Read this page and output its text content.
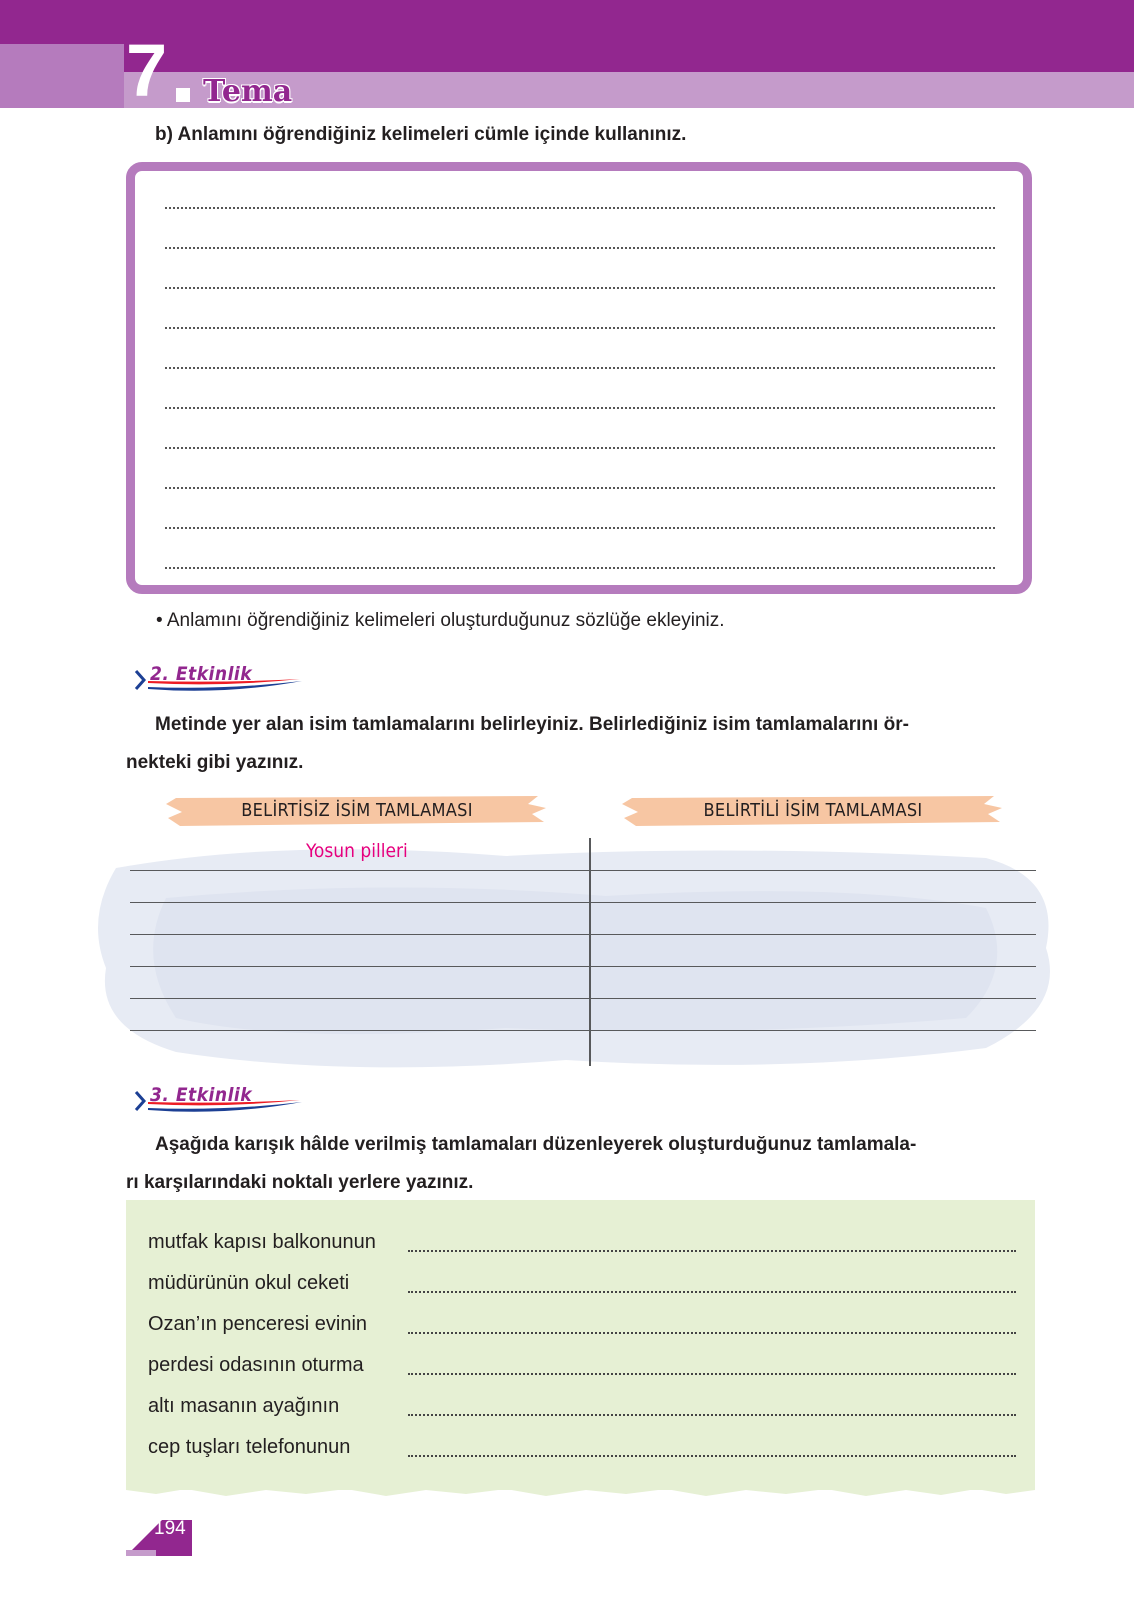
7 Tema
b) Anlamını öğrendiğiniz kelimeleri cümle içinde kullanınız.
• Anlamını öğrendiğiniz kelimeleri oluşturduğunuz sözlüğe ekleyiniz.
2. Etkinlik
Metinde yer alan isim tamlamalarını belirleyiniz. Belirlediğiniz isim tamlamalarını ör-
nekteki gibi yazınız.
BELİRTİSİZ İSİM TAMLAMASI	BELİRTİLİ İSİM TAMLAMASI
Yosun pilleri
3. Etkinlik
Aşağıda karışık hâlde verilmiş tamlamaları düzenleyerek oluşturduğunuz tamlamala-
rı karşılarındaki noktalı yerlere yazınız.
mutfak kapısı balkonunun
müdürünün okul ceketi
Ozan’ın penceresi evinin
perdesi odasının oturma
altı masanın ayağının
cep tuşları telefonunun
194
